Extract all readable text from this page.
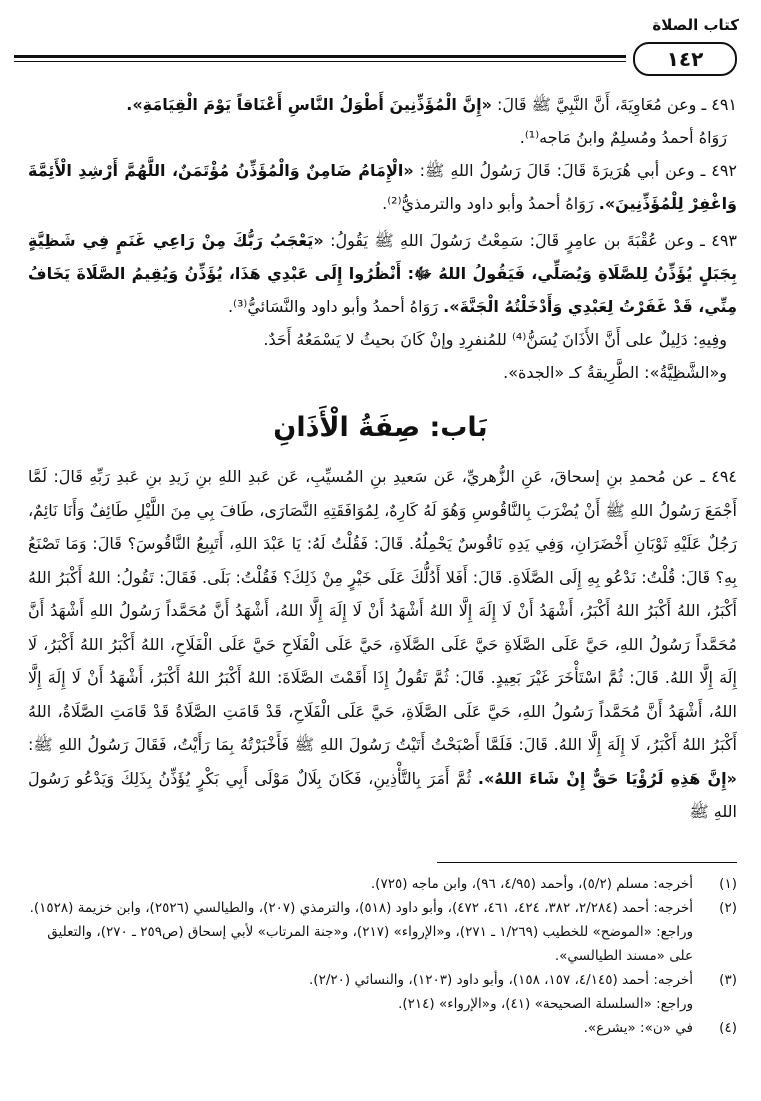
كتاب الصلاة
١٤٢

٤٩١ ـ وعن مُعَاوِيَةَ، أَنَّ النَّبِيَّ ﷺ قَالَ: «إِنَّ الْمُؤَذِّنِينَ أَطْوَلُ النَّاسِ أَعْنَاقاً يَوْمَ الْقِيَامَةِ».

رَوَاهُ أحمدُ ومُسلِمٌ وابنُ مَاجه⁽¹⁾.

٤٩٢ ـ وعن أبي هُرَيرَةَ قَالَ: قَالَ رَسُولُ اللهِ ﷺ: «الْإِمَامُ ضَامِنٌ وَالْمُؤَذِّنُ مُؤْتَمَنٌ، اللَّهُمَّ أَرْشِدِ الْأَئِمَّةَ وَاغْفِرْ لِلْمُؤَذِّنِينَ». رَوَاهُ أحمدُ وأبو داود والترمذيُّ⁽²⁾.

٤٩٣ ـ وعن عُقْبَةَ بن عامِرٍ قَالَ: سَمِعْتُ رَسُولَ اللهِ ﷺ يَقُولُ: «يَعْجَبُ رَبُّكَ مِنْ رَاعِي غَنَمٍ فِي شَظِيَّةٍ بِجَبَلٍ يُؤَذِّنُ لِلصَّلَاةِ وَيُصَلِّي، فَيَقُولُ اللهُ ﷻ: أَنْظُرُوا إِلَى عَبْدِي هَذَا، يُؤَذِّنُ وَيُقِيمُ الصَّلَاةَ يَخَافُ مِنِّي، قَدْ غَفَرْتُ لِعَبْدِي وَأَدْخَلْتُهُ الْجَنَّةَ». رَوَاهُ أحمدُ وأبو داود والنَّسَائيُّ⁽³⁾.

وفِيهِ: دَلِيلٌ على أَنَّ الأَذَانَ يُسَنُّ⁽⁴⁾ للمُنفرِدِ وإنْ كَانَ بحيثُ لا يَسْمَعُهُ أَحَدٌ.

و«الشَّظِيَّةُ»: الطَّرِيقةُ كـ «الجدة».

بَاب: صِفَةُ الْأَذَانِ

٤٩٤ ـ عن مُحمدِ بنِ إسحاقَ، عَنِ الزُّهريِّ، عَن سَعيدِ بنِ المُسيِّبِ، عَن عَبدِ اللهِ بنِ زَيدِ بنِ عَبدِ رَبِّهِ قَالَ: لَمَّا أَجْمَعَ رَسُولُ اللهِ ﷺ أَنْ يُضْرَبَ بِالنَّاقُوسِ وَهُوَ لَهُ كَارِهٌ، لِمُوَافَقَتِهِ النَّصَارَى، طَافَ بِي مِنَ اللَّيْلِ طَائِفٌ وَأَنَا نَائِمٌ، رَجُلٌ عَلَيْهِ ثَوْبَانِ أَخْضَرَانِ، وَفِي يَدِهِ نَاقُوسٌ يَحْمِلُهُ. قَالَ: فَقُلْتُ لَهُ: يَا عَبْدَ اللهِ، أَتَبِيعُ النَّاقُوسَ؟ قَالَ: وَمَا تَصْنَعُ بِهِ؟ قَالَ: قُلْتُ: نَدْعُو بِهِ إِلَى الصَّلَاةِ. قَالَ: أَفَلا أَدُلُّكَ عَلَى خَيْرٍ مِنْ ذَلِكَ؟ فَقُلْتُ: بَلَى. فَقَالَ: تَقُولُ: اللهُ أَكْبَرُ اللهُ أَكْبَرُ، اللهُ أَكْبَرُ اللهُ أَكْبَرُ، أَشْهَدُ أَنْ لَا إِلَهَ إِلَّا اللهُ أَشْهَدُ أَنْ لَا إِلَهَ إِلَّا اللهُ، أَشْهَدُ أَنَّ مُحَمَّداً رَسُولُ اللهِ أَشْهَدُ أَنَّ مُحَمَّداً رَسُولُ اللهِ، حَيَّ عَلَى الصَّلَاةِ حَيَّ عَلَى الصَّلَاةِ، حَيَّ عَلَى الْفَلَاحِ حَيَّ عَلَى الْفَلَاحِ، اللهُ أَكْبَرُ اللهُ أَكْبَرُ، لَا إِلَهَ إِلَّا اللهُ. قَالَ: ثُمَّ اسْتَأْخَرَ غَيْرَ بَعِيدٍ. قَالَ: ثُمَّ تَقُولُ إِذَا أَقَمْتَ الصَّلَاةَ: اللهُ أَكْبَرُ اللهُ أَكْبَرُ، أَشْهَدُ أَنْ لَا إِلَهَ إِلَّا اللهُ، أَشْهَدُ أَنَّ مُحَمَّداً رَسُولُ اللهِ، حَيَّ عَلَى الصَّلَاةِ، حَيَّ عَلَى الْفَلَاحِ، قَدْ قَامَتِ الصَّلَاةُ قَدْ قَامَتِ الصَّلَاةُ، اللهُ أَكْبَرُ اللهُ أَكْبَرُ، لَا إِلَهَ إِلَّا اللهُ. قَالَ: فَلَمَّا أَصْبَحْتُ أَتَيْتُ رَسُولَ اللهِ ﷺ فَأَخْبَرْتُهُ بِمَا رَأَيْتُ، فَقَالَ رَسُولُ اللهِ ﷺ: «إِنَّ هَذِهِ لَرُؤْيَا حَقٌّ إِنْ شَاءَ اللهُ». ثُمَّ أَمَرَ بِالتَّأْذِينِ، فَكَانَ بِلَالٌ مَوْلَى أَبِي بَكْرٍ يُؤَذِّنُ بِذَلِكَ وَيَدْعُو رَسُولَ اللهِ ﷺ

(١)
أخرجه: مسلم (٥/٢)، وأحمد (٤/٩٥، ٩٦)، وابن ماجه (٧٢٥).
(٢)
أخرجه: أحمد (٢/٢٨٤، ٣٨٢، ٤٢٤، ٤٦١، ٤٧٢)، وأبو داود (٥١٨)، والترمذي (٢٠٧)، والطيالسي (٢٥٢٦)، وابن خزيمة (١٥٢٨).
وراجع: «الموضح» للخطيب (١/٢٦٩ ـ ٢٧١)، و«الإرواء» (٢١٧)، و«جنة المرتاب» لأبي إسحاق (ص٢٥٩ ـ ٢٧٠)، والتعليق على «مسند الطيالسي».
(٣)
أخرجه: أحمد (٤/١٤٥، ١٥٧، ١٥٨)، وأبو داود (١٢٠٣)، والنسائي (٢/٢٠).
وراجع: «السلسلة الصحيحة» (٤١)، و«الإرواء» (٢١٤).
(٤)
في «ن»: «يشرع».
